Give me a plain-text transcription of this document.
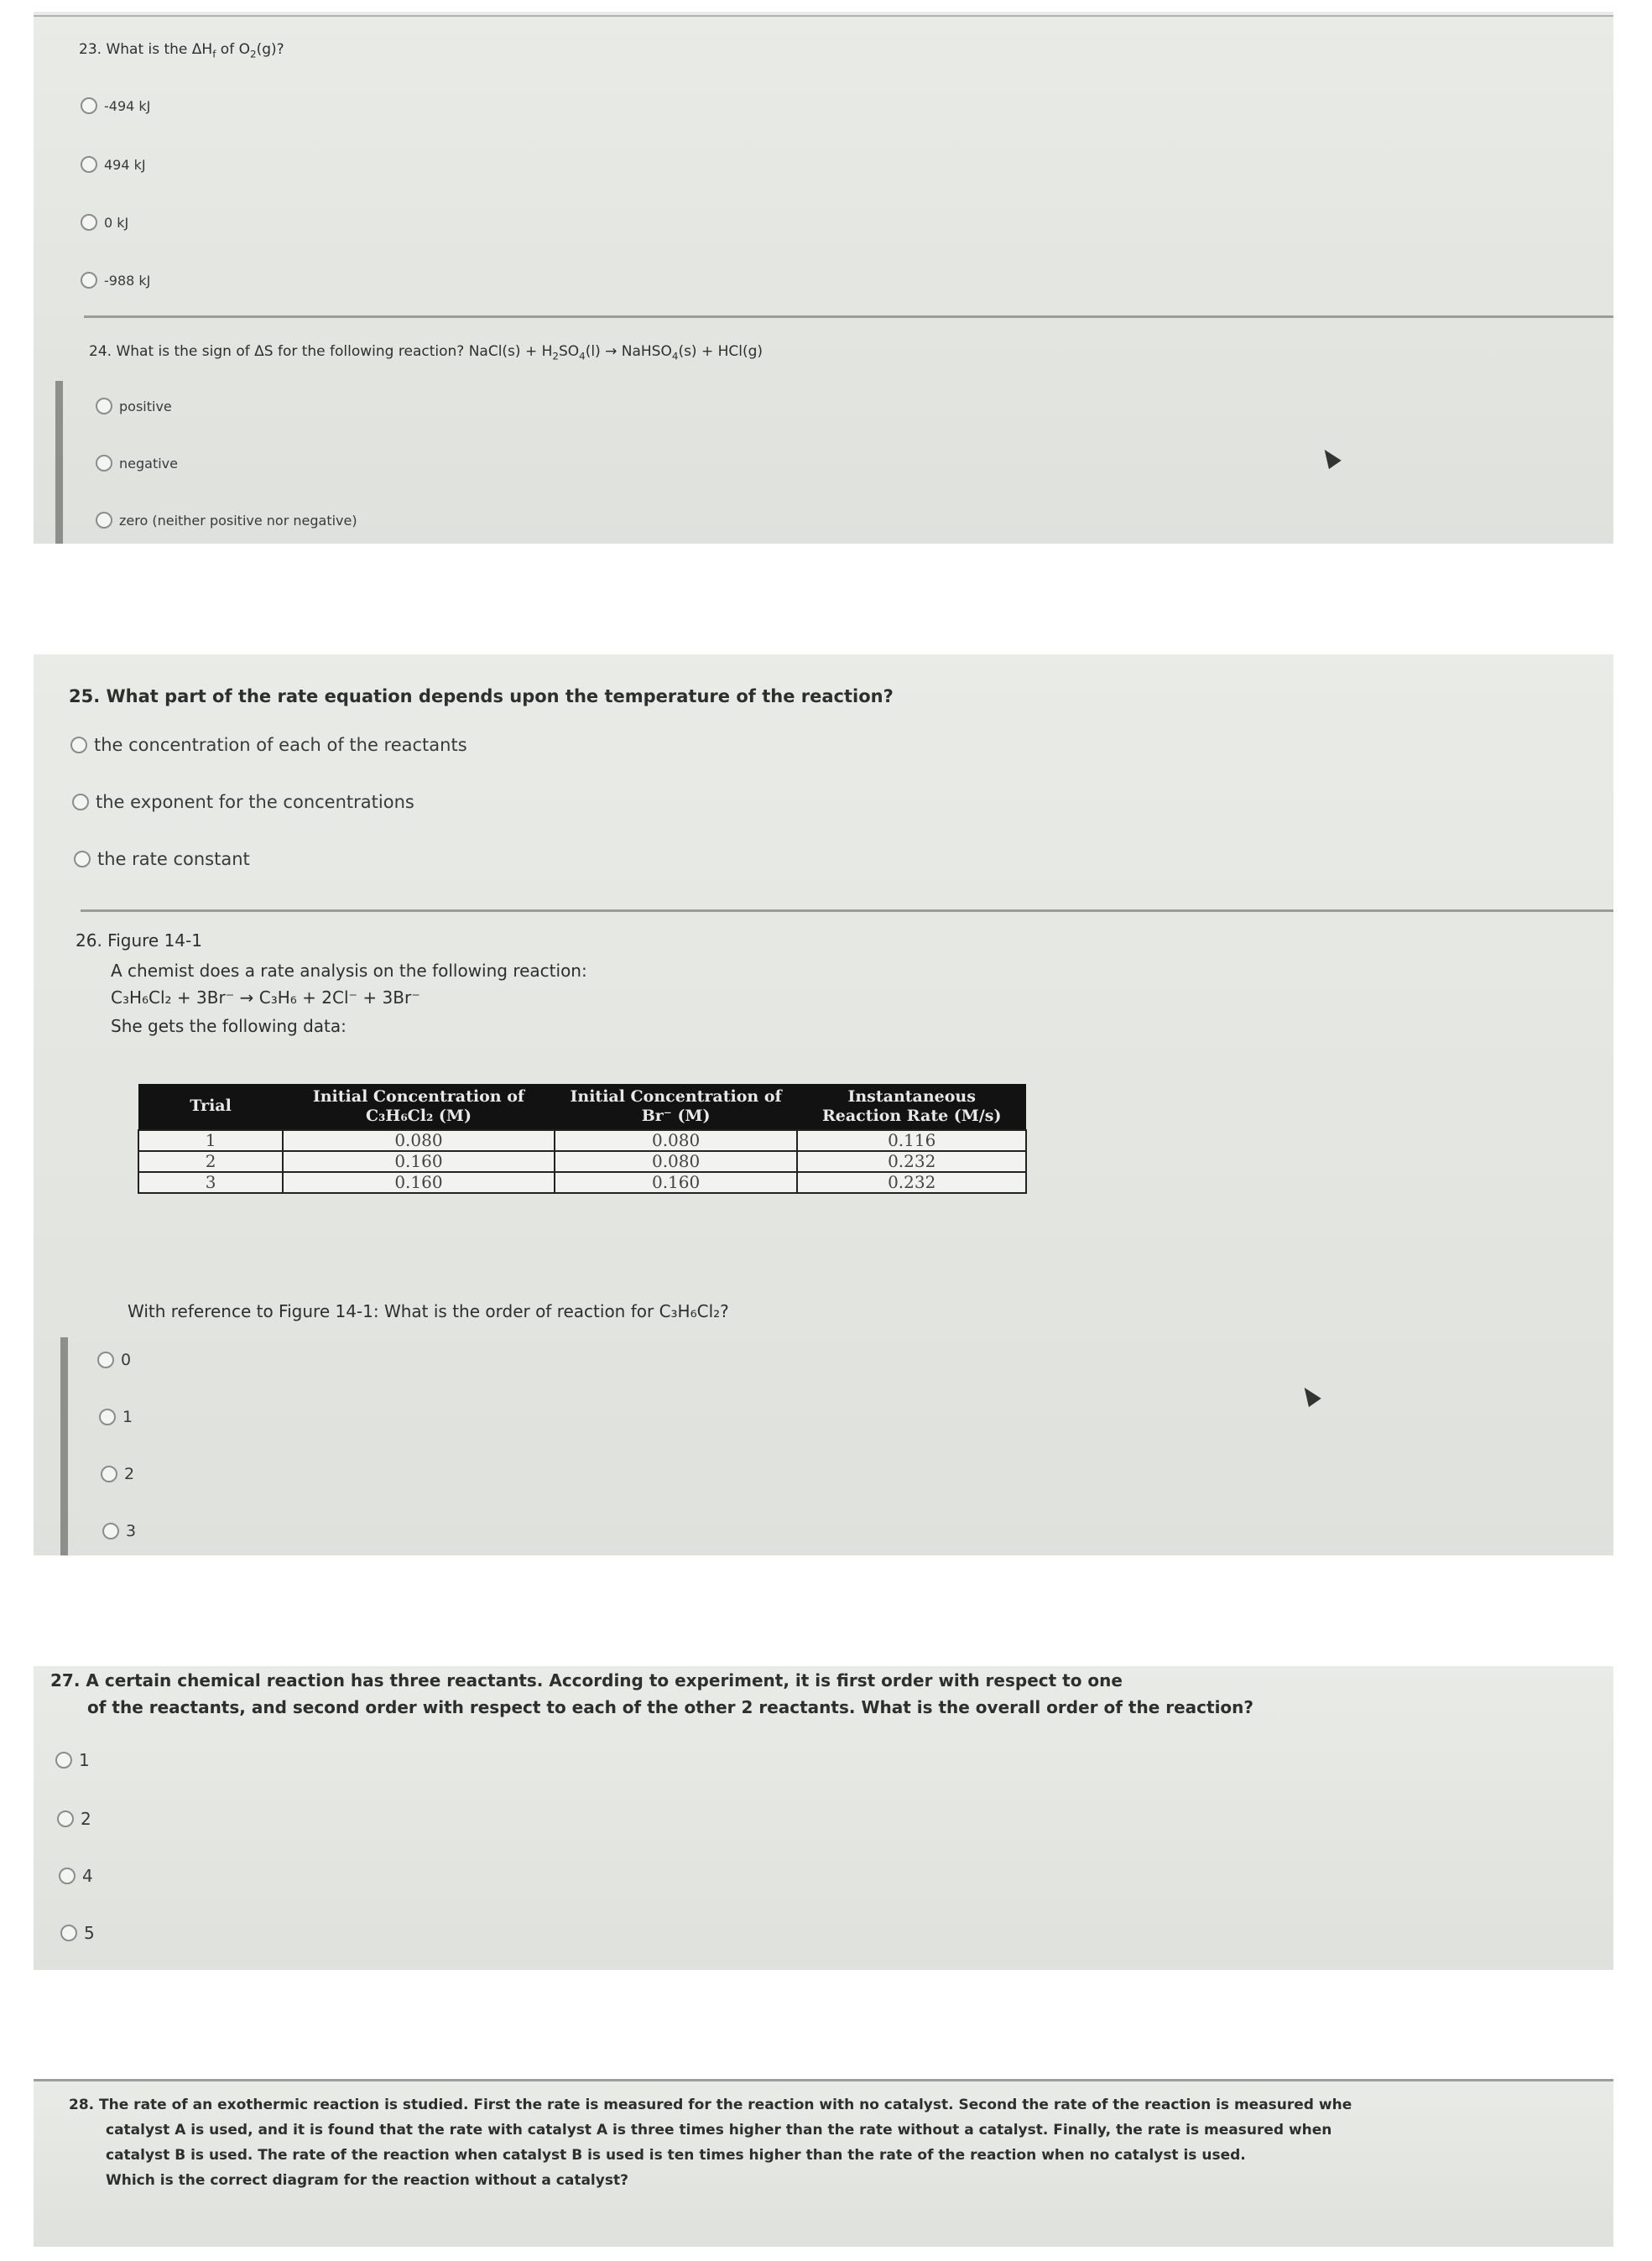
23. What is the $\Delta H_f$ of $O_2(g)$?
-494 kJ
494 kJ
0 kJ
-988 kJ
24. What is the sign of ΔS for the following reaction? NaCl(s) + $H_2SO_4(l)$ → NaHSO$_4$(s) + HCl(g)
positive
negative
zero (neither positive nor negative)
25. What part of the rate equation depends upon the temperature of the reaction?
the concentration of each of the reactants
the exponent for the concentrations
the rate constant
26. Figure 14-1
A chemist does a rate analysis on the following reaction:
C₃H₆Cl₂ + 3Br⁻ → C₃H₆ + 2Cl⁻ + 3Br⁻
She gets the following data:
Trial	Initial Concentration of C₃H₆Cl₂ (M)	Initial Concentration of Br⁻ (M)	Instantaneous Reaction Rate (M/s)
1	0.080	0.080	0.116
2	0.160	0.080	0.232
3	0.160	0.160	0.232
With reference to Figure 14-1: What is the order of reaction for C₃H₆Cl₂?
0
1
2
3
27. A certain chemical reaction has three reactants. According to experiment, it is first order with respect to one
of the reactants, and second order with respect to each of the other 2 reactants. What is the overall order of the reaction?
1
2
4
5
28. The rate of an exothermic reaction is studied. First the rate is measured for the reaction with no catalyst. Second the rate of the reaction is measured whe
catalyst A is used, and it is found that the rate with catalyst A is three times higher than the rate without a catalyst. Finally, the rate is measured when
catalyst B is used. The rate of the reaction when catalyst B is used is ten times higher than the rate of the reaction when no catalyst is used.
Which is the correct diagram for the reaction without a catalyst?
